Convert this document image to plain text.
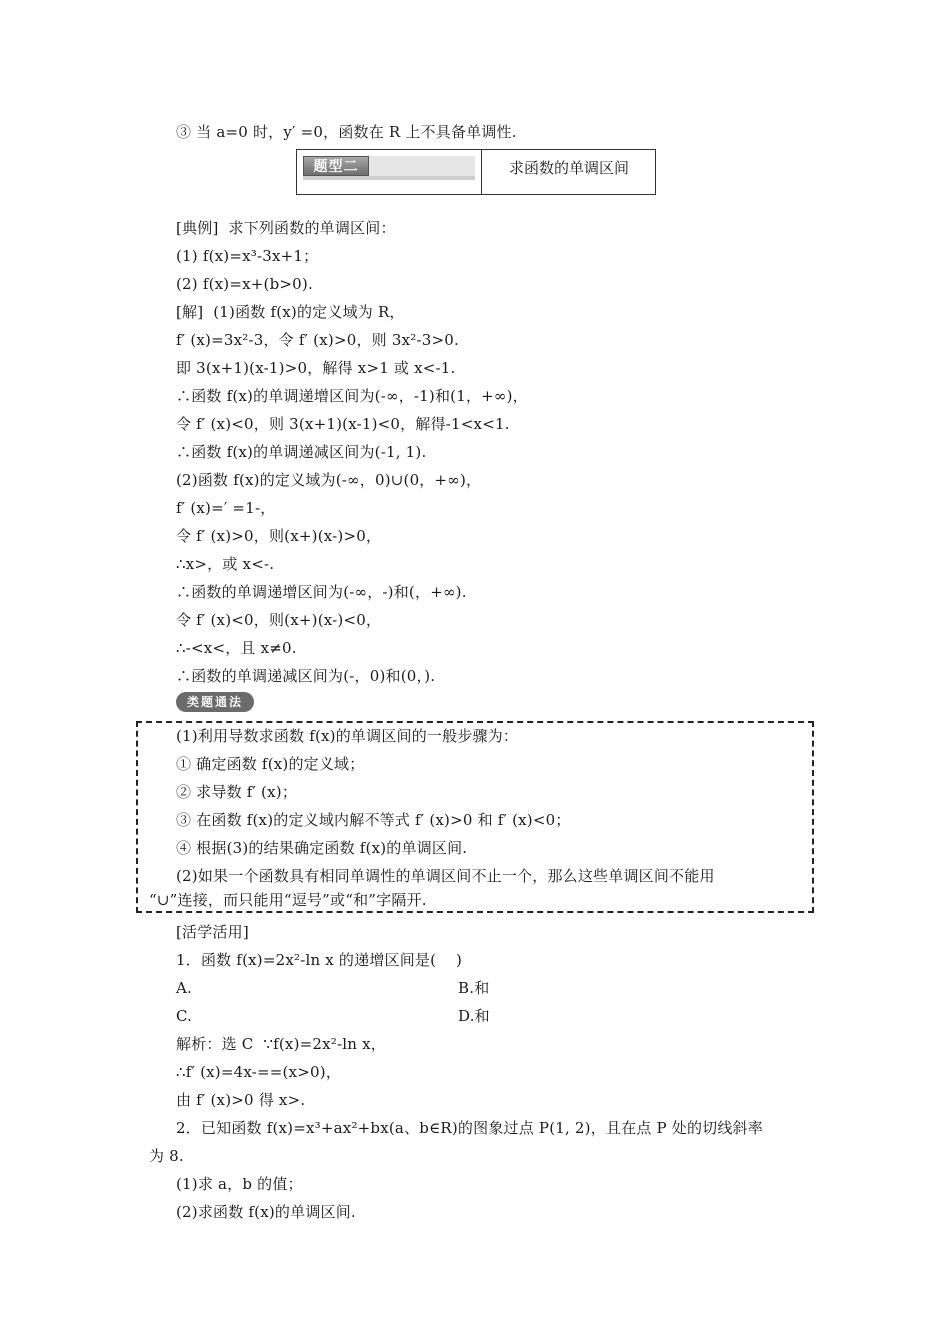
③ 当 a=0 时，y′ =0，函数在 R 上不具备单调性.
题型二	求函数的单调区间
[典例]  求下列函数的单调区间：
(1) f(x)=x³-3x+1；
(2) f(x)=x+(b>0).
[解]  (1)函数 f(x)的定义域为 R，
f′ (x)=3x²-3，令 f′ (x)>0，则 3x²-3>0.
即 3(x+1)(x-1)>0，解得 x>1 或 x<-1.
∴函数 f(x)的单调递增区间为(-∞，-1)和(1，+∞)，
令 f′ (x)<0，则 3(x+1)(x-1)<0，解得-1<x<1.
∴函数 f(x)的单调递减区间为(-1, 1).
(2)函数 f(x)的定义域为(-∞，0)∪(0，+∞)，
f′ (x)=′ =1-，
令 f′ (x)>0，则(x+)(x-)>0，
∴x>，或 x<-.
∴函数的单调递增区间为(-∞，-)和(，+∞).
令 f′ (x)<0，则(x+)(x-)<0，
∴-<x<，且 x≠0.
∴函数的单调递减区间为(-，0)和(0，).
类题通法
(1)利用导数求函数 f(x)的单调区间的一般步骤为：
① 确定函数 f(x)的定义域；
② 求导数 f′ (x)；
③ 在函数 f(x)的定义域内解不等式 f′ (x)>0 和 f′ (x)<0；
④ 根据(3)的结果确定函数 f(x)的单调区间.
(2)如果一个函数具有相同单调性的单调区间不止一个，那么这些单调区间不能用
“∪”连接，而只能用“逗号”或“和”字隔开.
[活学活用]
1．函数 f(x)=2x²-ln x 的递增区间是(    )
A.	B.和
C.	D.和
解析：选 C  ∵f(x)=2x²-ln x，
∴f′ (x)=4x-==(x>0)，
由 f′ (x)>0 得 x>.
2．已知函数 f(x)=x³+ax²+bx(a、b∈R)的图象过点 P(1, 2)，且在点 P 处的切线斜率
为 8.
(1)求 a，b 的值；
(2)求函数 f(x)的单调区间.
